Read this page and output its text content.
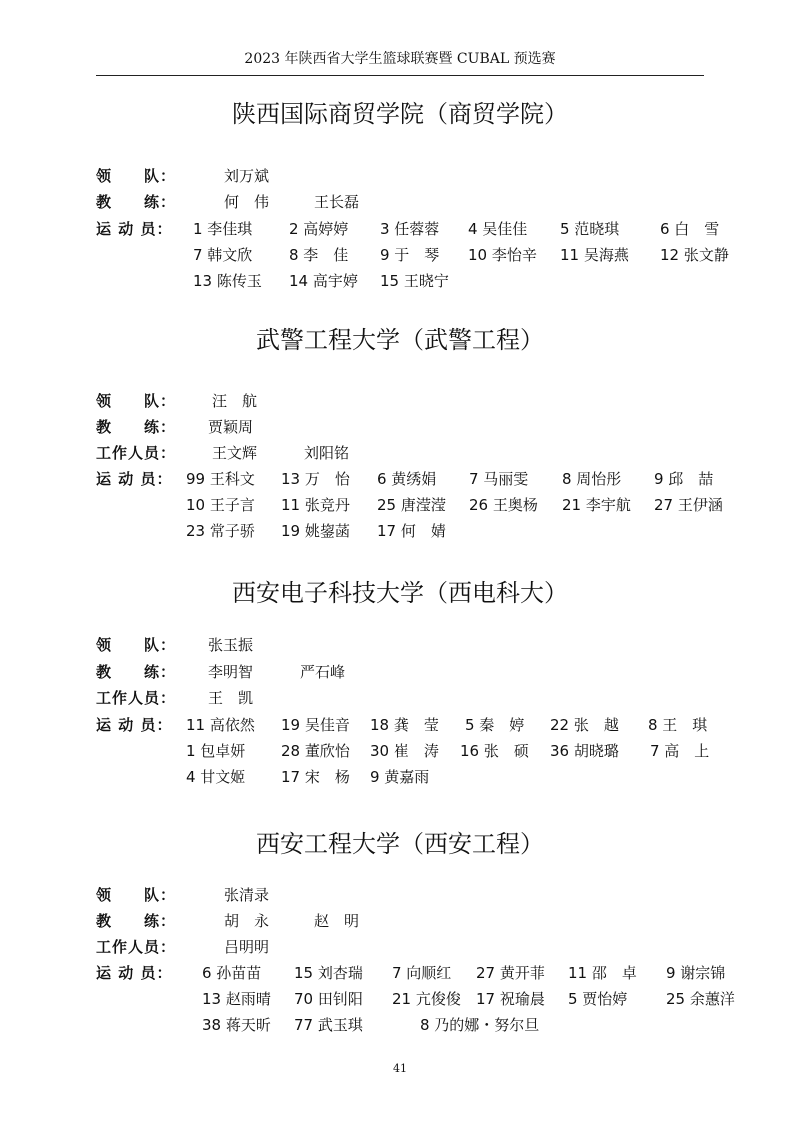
2023 年陕西省大学生篮球联赛暨 CUBAL 预选赛
陕西国际商贸学院（商贸学院）
领　　队：	刘万斌
教　　练：	何　伟	王长磊
运 动 员： 1 李佳琪 2 高婷婷 3 任蓉蓉 4 吴佳佳 5 范晓琪	6 白　雪
7 韩文欣 8 李　佳 9 于　琴 10 李怡辛 11 吴海燕 12 张文静
13 陈传玉 14 高宇婷 15 王晓宁
武警工程大学（武警工程）
领　　队： 汪　航
教　　练： 贾颖周
工作人员： 王文辉	刘阳铭
运 动 员： 99 王科文 13 万　怡 6 黄绣娟 7 马丽雯 8 周怡彤 9 邱　喆
10 王子言 11 张竞丹 25 唐滢滢 26 王奥杨 21 李宇航 27 王伊涵
23 常子骄 19 姚鋆菡 17 何　婧
西安电子科技大学（西电科大）
领　　队： 张玉振
教　　练： 李明智	严石峰
工作人员： 王　凯
运 动 员： 11 高依然 19 吴佳音 18 龚　莹 5 秦　婷 22 张　越 8 王　琪
1 包卓妍 28 董欣怡 30 崔　涛 16 张　硕 36 胡晓璐 7 高　上
4 甘文姬 17 宋　杨 9 黄嘉雨
西安工程大学（西安工程）
领　　队：	张清录
教　　练：	胡　永	赵　明
工作人员：	吕明明
运 动 员： 6 孙苗苗 15 刘杏瑞 7 向顺红 27 黄开菲 11 邵　卓 9 谢宗锦
13 赵雨晴 70 田钊阳 21 亢俊俊 17 祝瑜晨 5 贾怡婷	25 余蕙洋
38 蒋天昕 77 武玉琪	8 乃的娜・努尔旦
41
